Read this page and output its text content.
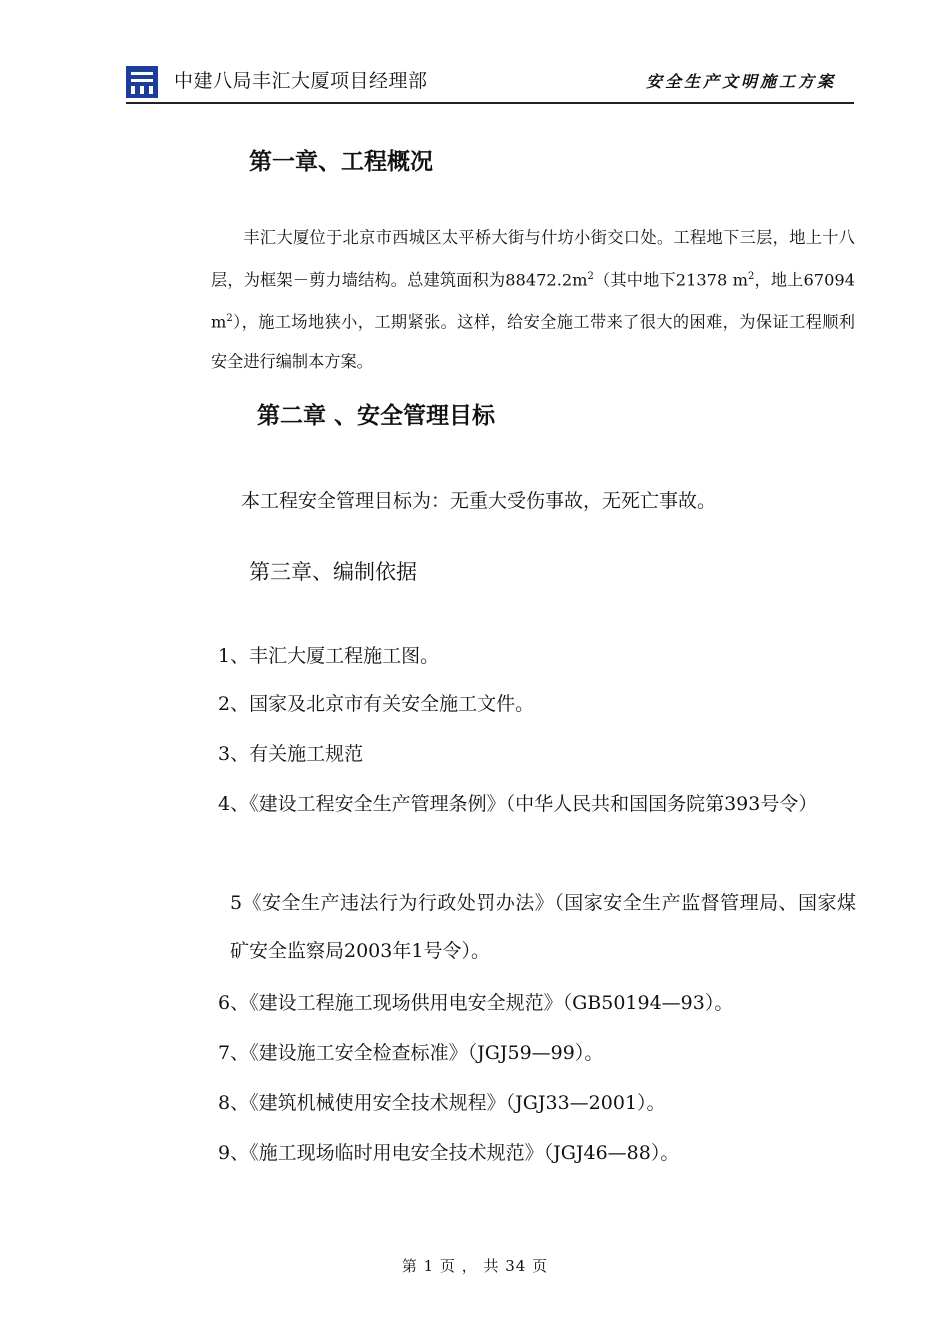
中建八局丰汇大厦项目经理部	安全生产文明施工方案
第一章、工程概况

丰汇大厦位于北京市西城区太平桥大街与什坊小街交口处。工程地下三层，地上十八层，为框架－剪力墙结构。总建筑面积为$88472.2m^2$（其中地下21378 $m^2$，地上67094 $m^2$），施工场地狭小，工期紧张。这样，给安全施工带来了很大的困难，为保证工程顺利安全进行编制本方案。

第二章 、安全管理目标

本工程安全管理目标为：无重大受伤事故，无死亡事故。

第三章、编制依据

1、丰汇大厦工程施工图。

2、国家及北京市有关安全施工文件。

3、有关施工规范

4、《建设工程安全生产管理条例》（中华人民共和国国务院第393号令）

5《安全生产违法行为行政处罚办法》（国家安全生产监督管理局、国家煤矿安全监察局2003年1号令）。

6、《建设工程施工现场供用电安全规范》（GB50194—93）。

7、《建设施工安全检查标准》（JGJ59—99）。

8、《建筑机械使用安全技术规程》（JGJ33—2001）。

9、《施工现场临时用电安全技术规范》（JGJ46—88）。

第 1 页 ， 共 34 页
